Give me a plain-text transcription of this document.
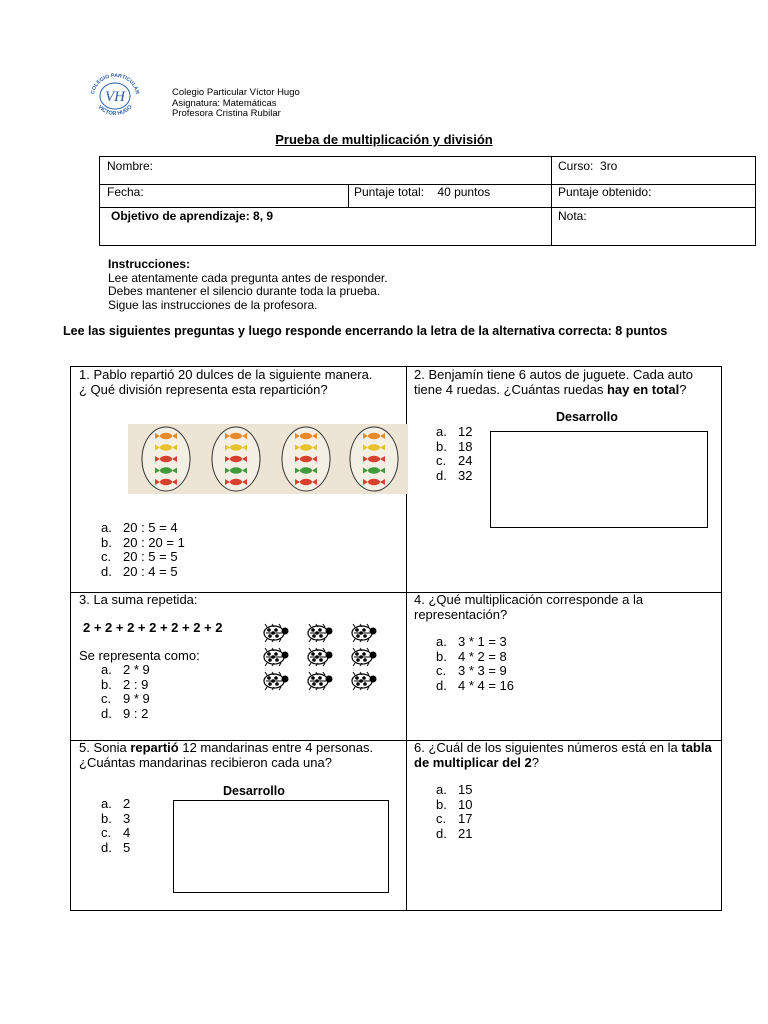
COLEGIO PARTICULAR
VICTOR HUGO
VH	Colegio Particular Víctor Hugo
Asignatura: Matemáticas
Profesora Cristina Rubilar
Prueba de multiplicación y división
Nombre:	Curso: 3ro
Fecha:	Puntaje total: 40 puntos	Puntaje obtenido:
Objetivo de aprendizaje: 8, 9	Nota:
Instrucciones:
Lee atentamente cada pregunta antes de responder.
Debes mantener el silencio durante toda la prueba.
Sigue las instrucciones de la profesora.
Lee las siguientes preguntas y luego responde encerrando la letra de la alternativa correcta: 8 puntos
1. Pablo repartió 20 dulces de la siguiente manera. ¿ Qué división representa esta repartición?
a. 20 : 5 = 4
b. 20 : 20 = 1
c. 20 : 5 = 5
d. 20 : 4 = 5
2. Benjamín tiene 6 autos de juguete. Cada auto tiene 4 ruedas. ¿Cuántas ruedas hay en total?
Desarrollo
a. 12
b. 18
c. 24
d. 32
3. La suma repetida:
2 + 2 + 2 + 2 + 2 + 2 + 2
Se representa como:
a. 2 * 9
b. 2 : 9
c. 9 * 9
d. 9 : 2
4. ¿Qué multiplicación corresponde a la representación?
a. 3 * 1 = 3
b. 4 * 2 = 8
c. 3 * 3 = 9
d. 4 * 4 = 16
5. Sonia repartió 12 mandarinas entre 4 personas. ¿Cuántas mandarinas recibieron cada una?
Desarrollo
a. 2
b. 3
c. 4
d. 5
6. ¿Cuál de los siguientes números está en la tabla de multiplicar del 2?
a. 15
b. 10
c. 17
d. 21
